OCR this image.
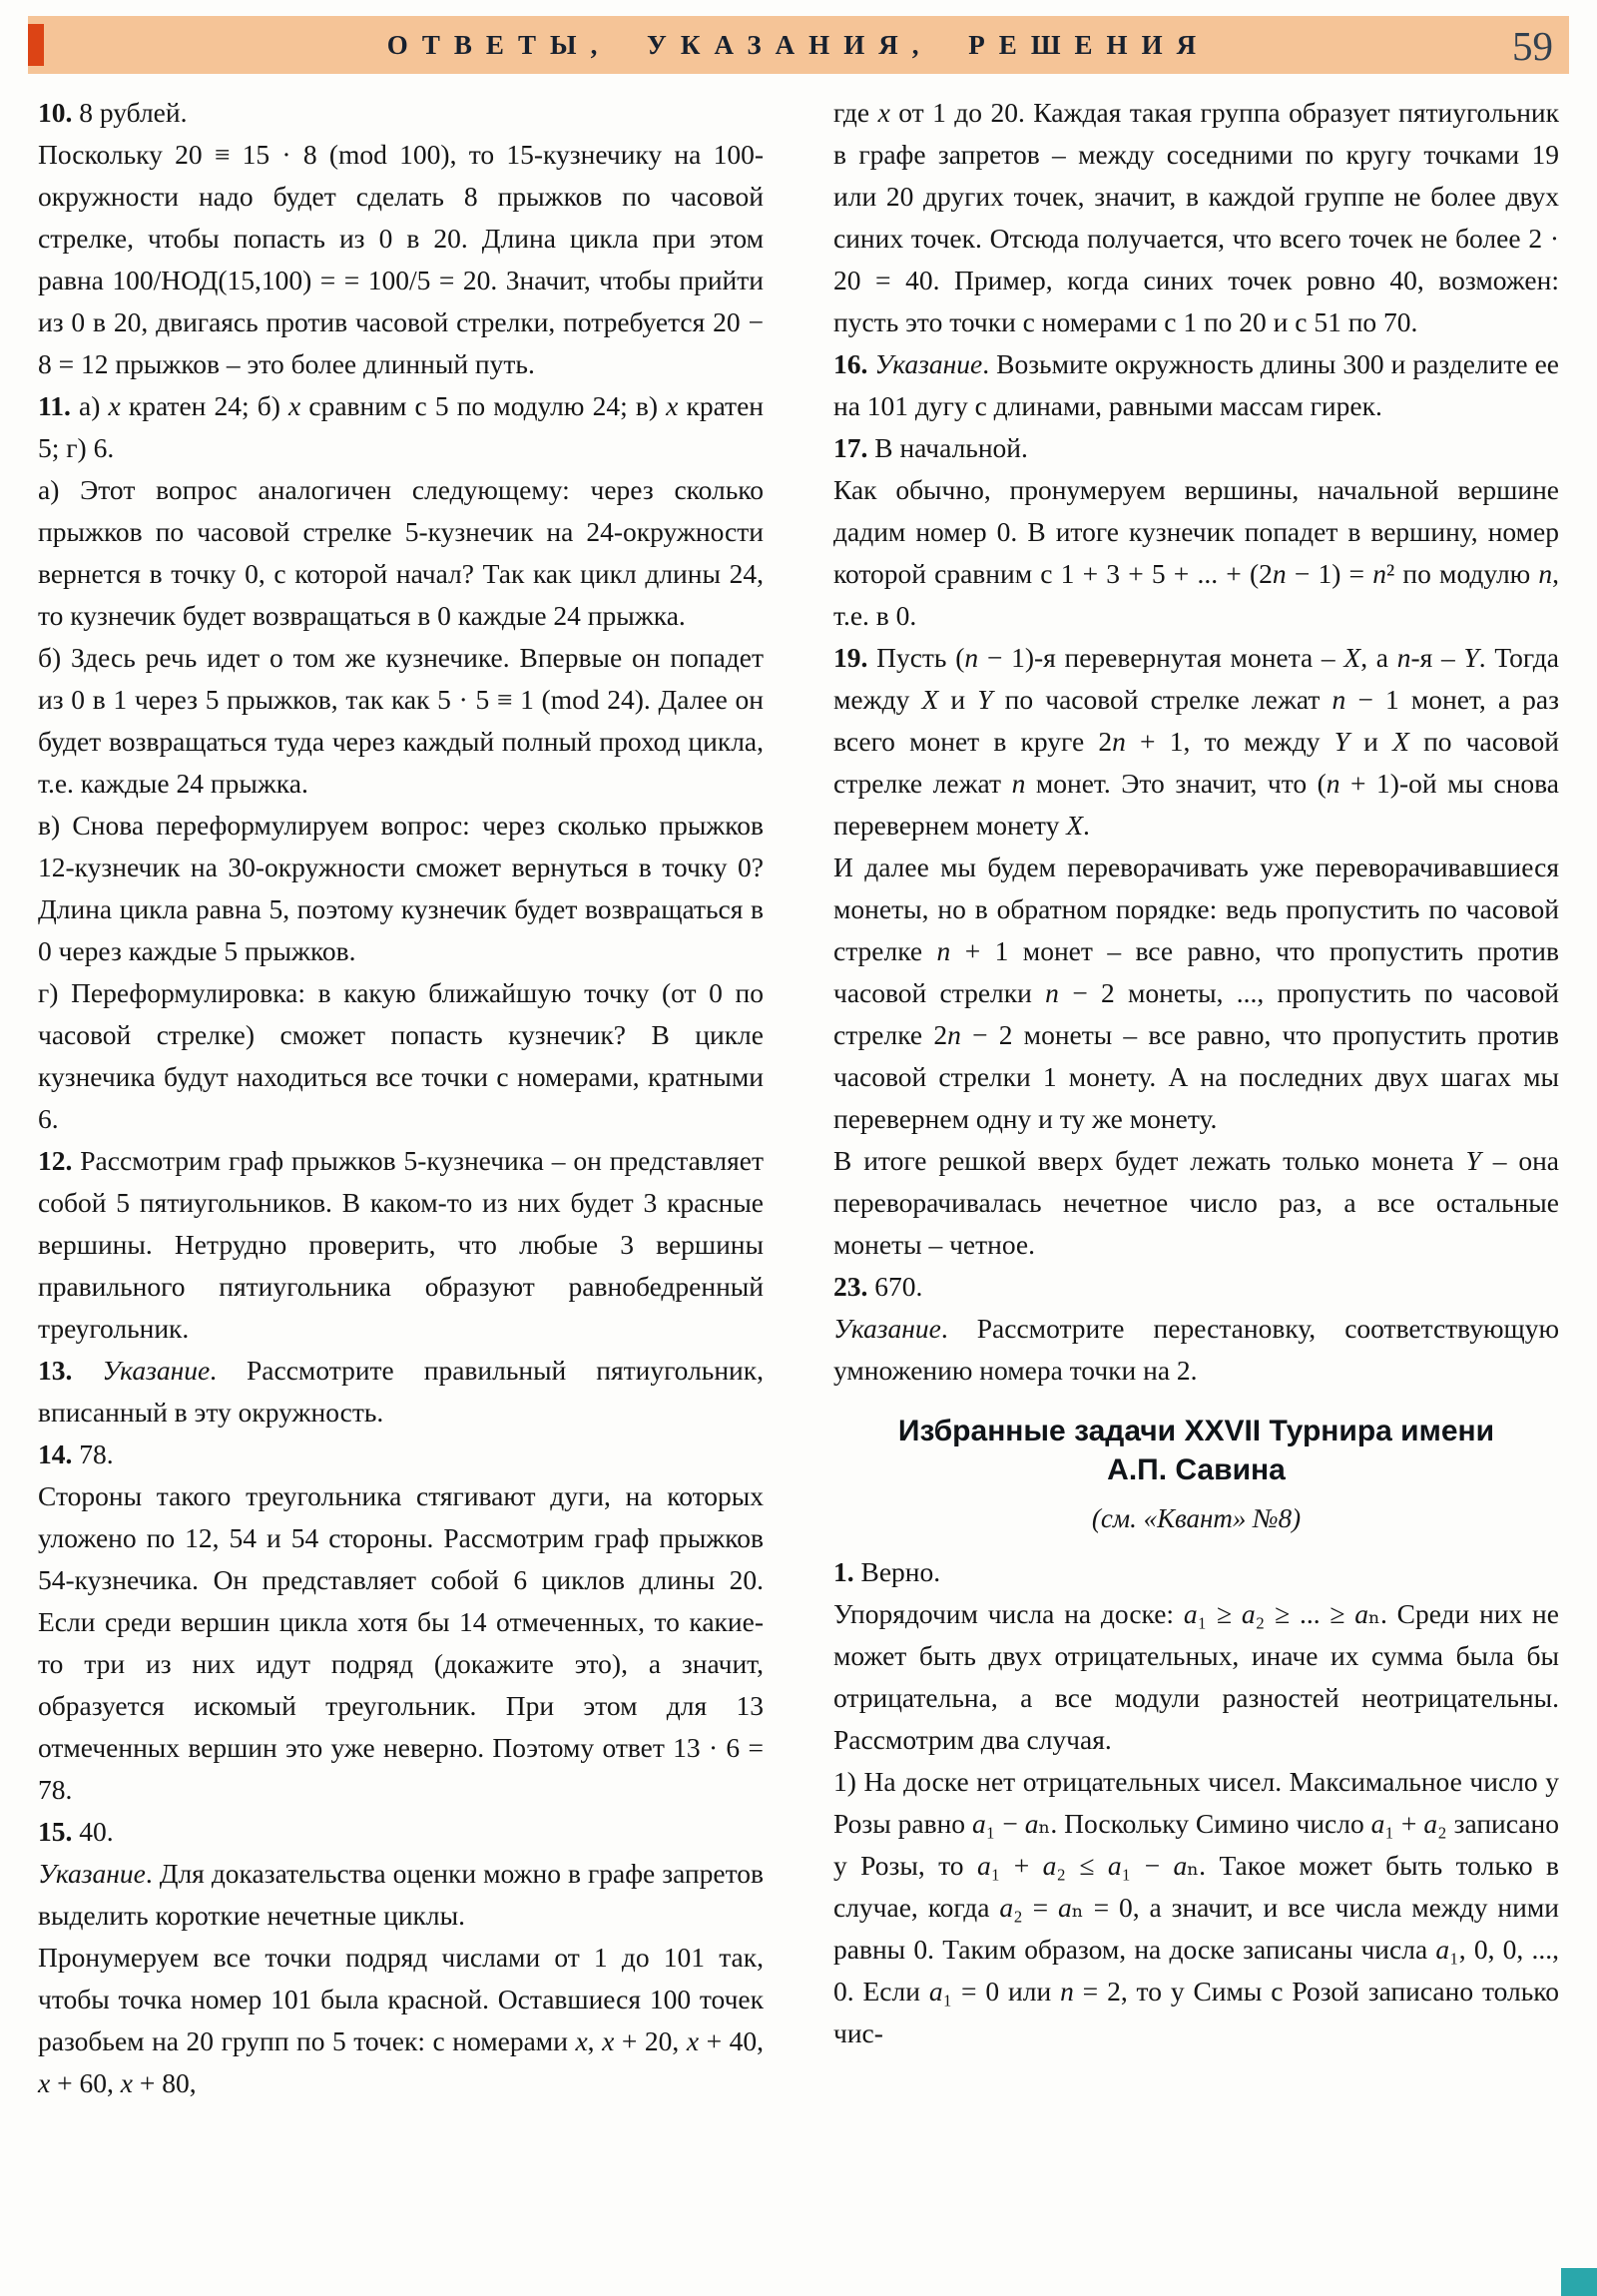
ОТВЕТЫ, УКАЗАНИЯ, РЕШЕНИЯ	59

10. 8 рублей.

Поскольку 20 ≡ 15 · 8 (mod 100), то 15-кузнечику на 100-окружности надо будет сделать 8 прыжков по часовой стрелке, чтобы попасть из 0 в 20. Длина цикла при этом равна 100/НОД(15,100) = = 100/5 = 20. Значит, чтобы прийти из 0 в 20, двигаясь против часовой стрелки, потребуется 20 − 8 = 12 прыжков – это более длинный путь.

11. а) x кратен 24; б) x сравним с 5 по модулю 24; в) x кратен 5; г) 6.

а) Этот вопрос аналогичен следующему: через сколько прыжков по часовой стрелке 5-кузнечик на 24-окружности вернется в точку 0, с которой начал? Так как цикл длины 24, то кузнечик будет возвращаться в 0 каждые 24 прыжка.

б) Здесь речь идет о том же кузнечике. Впервые он попадет из 0 в 1 через 5 прыжков, так как 5 · 5 ≡ 1 (mod 24). Далее он будет возвращаться туда через каждый полный проход цикла, т.е. каждые 24 прыжка.

в) Снова переформулируем вопрос: через сколько прыжков 12-кузнечик на 30-окружности сможет вернуться в точку 0? Длина цикла равна 5, поэтому кузнечик будет возвращаться в 0 через каждые 5 прыжков.

г) Переформулировка: в какую ближайшую точку (от 0 по часовой стрелке) сможет попасть кузнечик? В цикле кузнечика будут находиться все точки с номерами, кратными 6.

12. Рассмотрим граф прыжков 5-кузнечика – он представляет собой 5 пятиугольников. В каком-то из них будет 3 красные вершины. Нетрудно проверить, что любые 3 вершины правильного пятиугольника образуют равнобедренный треугольник.

13. Указание. Рассмотрите правильный пятиугольник, вписанный в эту окружность.

14. 78.

Стороны такого треугольника стягивают дуги, на которых уложено по 12, 54 и 54 стороны. Рассмотрим граф прыжков 54-кузнечика. Он представляет собой 6 циклов длины 20. Если среди вершин цикла хотя бы 14 отмеченных, то какие-то три из них идут подряд (докажите это), а значит, образуется искомый треугольник. При этом для 13 отмеченных вершин это уже неверно. Поэтому ответ 13 · 6 = 78.

15. 40.

Указание. Для доказательства оценки можно в графе запретов выделить короткие нечетные циклы.

Пронумеруем все точки подряд числами от 1 до 101 так, чтобы точка номер 101 была красной. Оставшиеся 100 точек разобьем на 20 групп по 5 точек: с номерами x, x + 20, x + 40, x + 60, x + 80,

где x от 1 до 20. Каждая такая группа образует пятиугольник в графе запретов – между соседними по кругу точками 19 или 20 других точек, значит, в каждой группе не более двух синих точек. Отсюда получается, что всего точек не более 2 · 20 = 40. Пример, когда синих точек ровно 40, возможен: пусть это точки с номерами с 1 по 20 и с 51 по 70.

16. Указание. Возьмите окружность длины 300 и разделите ее на 101 дугу с длинами, равными массам гирек.

17. В начальной.

Как обычно, пронумеруем вершины, начальной вершине дадим номер 0. В итоге кузнечик попадет в вершину, номер которой сравним с 1 + 3 + 5 + ... + (2n − 1) = n² по модулю n, т.е. в 0.

19. Пусть (n − 1)-я перевернутая монета – X, а n-я – Y. Тогда между X и Y по часовой стрелке лежат n − 1 монет, а раз всего монет в круге 2n + 1, то между Y и X по часовой стрелке лежат n монет. Это значит, что (n + 1)-ой мы снова перевернем монету X.

И далее мы будем переворачивать уже переворачивавшиеся монеты, но в обратном порядке: ведь пропустить по часовой стрелке n + 1 монет – все равно, что пропустить против часовой стрелки n − 2 монеты, ..., пропустить по часовой стрелке 2n − 2 монеты – все равно, что пропустить против часовой стрелки 1 монету. А на последних двух шагах мы перевернем одну и ту же монету.

В итоге решкой вверх будет лежать только монета Y – она переворачивалась нечетное число раз, а все остальные монеты – четное.

23. 670.

Указание. Рассмотрите перестановку, соответствующую умножению номера точки на 2.

Избранные задачи XXVII Турнира имени А.П. Савина

(см. «Квант» №8)

1. Верно.

Упорядочим числа на доске: a₁ ≥ a₂ ≥ ... ≥ aₙ. Среди них не может быть двух отрицательных, иначе их сумма была бы отрицательна, а все модули разностей неотрицательны. Рассмотрим два случая.

1) На доске нет отрицательных чисел. Максимальное число у Розы равно a₁ − aₙ. Поскольку Симино число a₁ + a₂ записано у Розы, то a₁ + a₂ ≤ a₁ − aₙ. Такое может быть только в случае, когда a₂ = aₙ = 0, а значит, и все числа между ними равны 0. Таким образом, на доске записаны числа a₁, 0, 0, ..., 0. Если a₁ = 0 или n = 2, то у Симы с Розой записано только чис-
